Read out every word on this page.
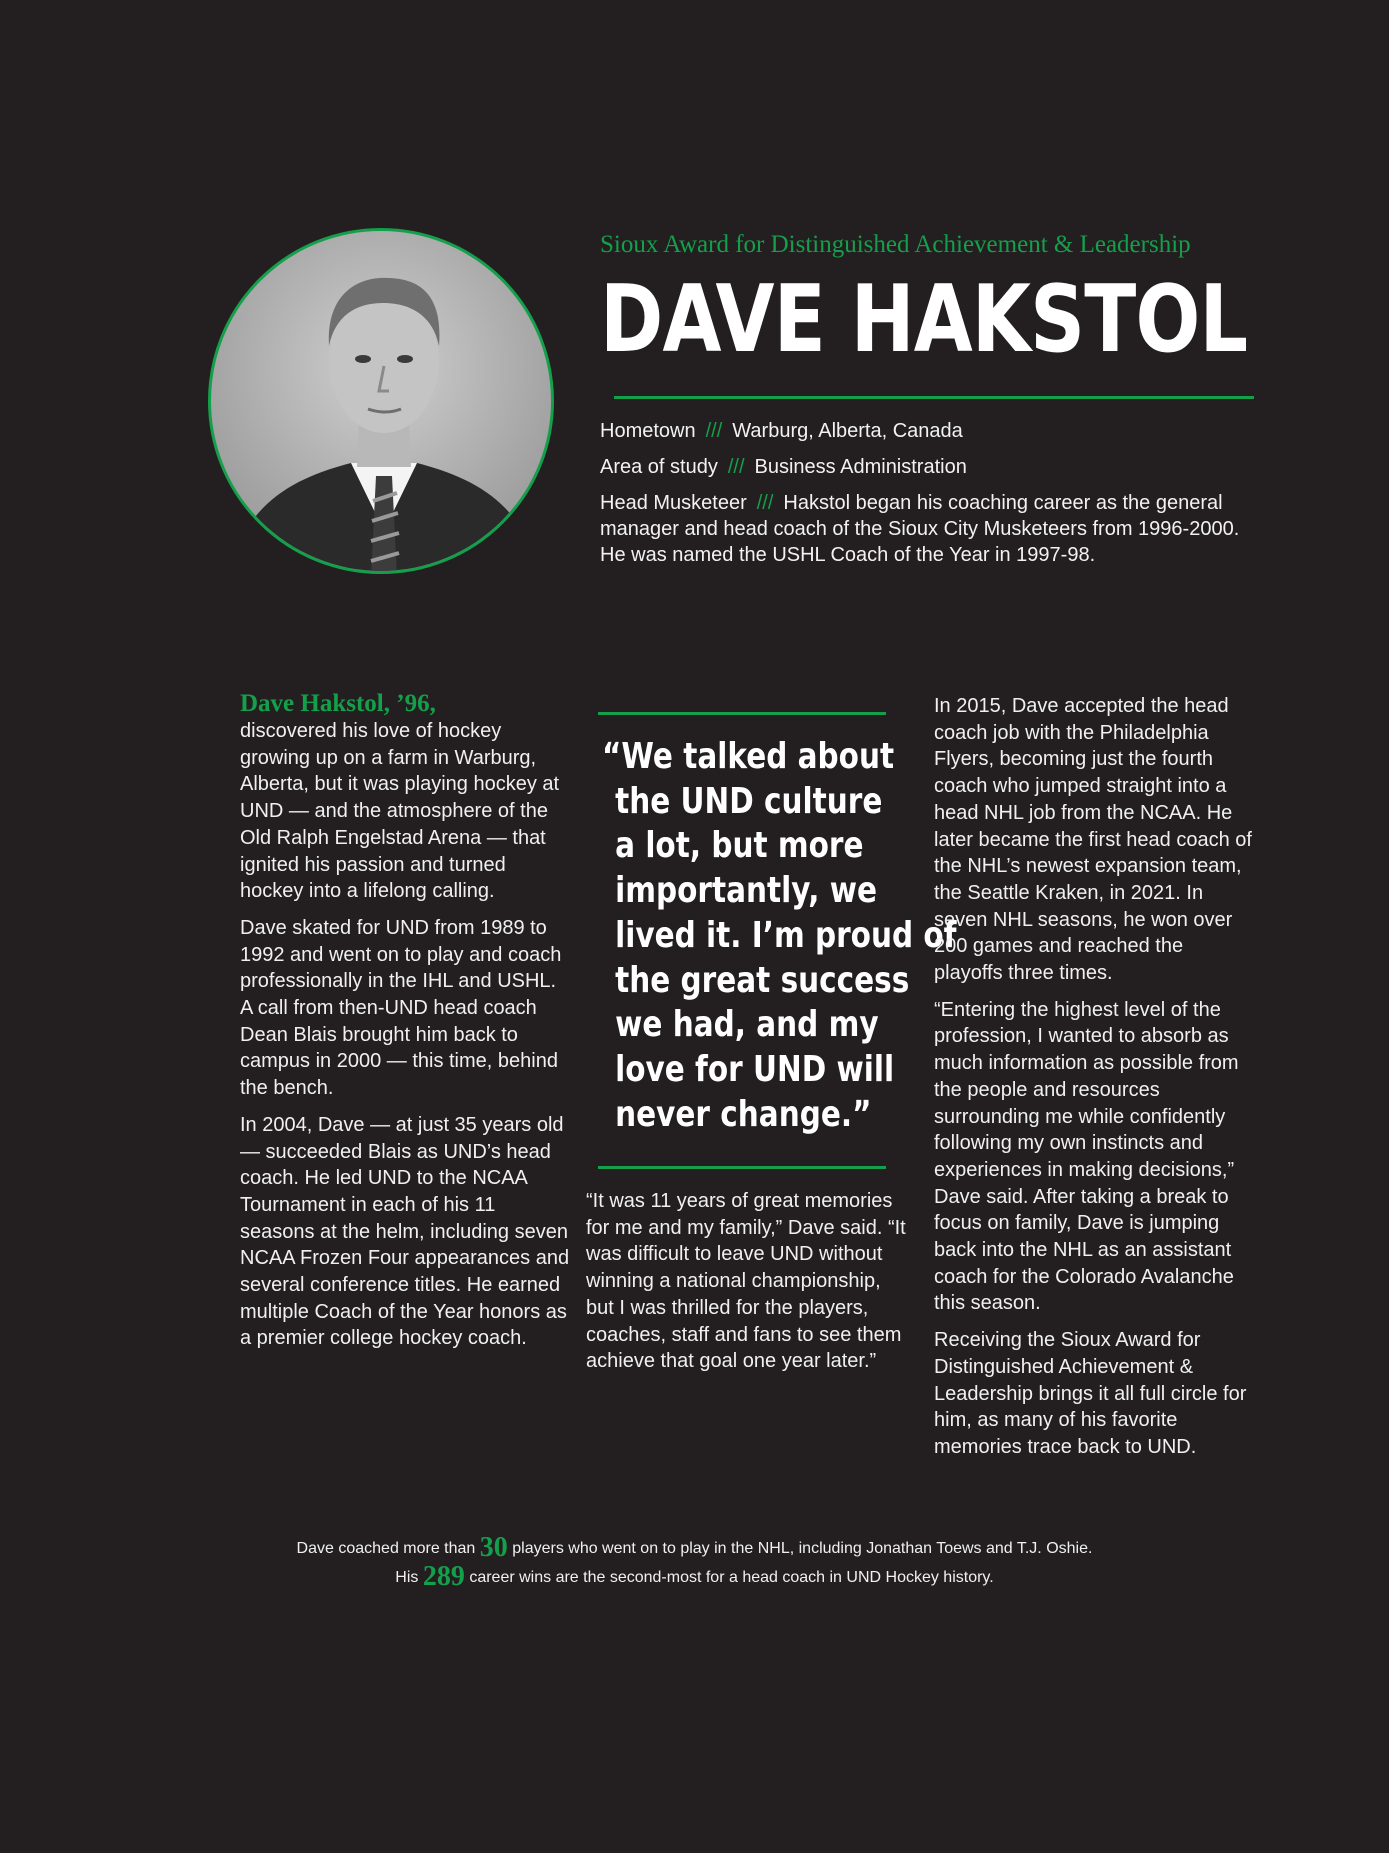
Sioux Award for Distinguished Achievement & Leadership
DAVE HAKSTOL
Hometown /// Warburg, Alberta, Canada
Area of study /// Business Administration
Head Musketeer /// Hakstol began his coaching career as the general manager and head coach of the Sioux City Musketeers from 1996-2000. He was named the USHL Coach of the Year in 1997-98.

Dave Hakstol, ’96,
discovered his love of hockey growing up on a farm in Warburg, Alberta, but it was playing hockey at UND — and the atmosphere of the Old Ralph Engelstad Arena — that ignited his passion and turned hockey into a lifelong calling.

Dave skated for UND from 1989 to 1992 and went on to play and coach professionally in the IHL and USHL. A call from then-UND head coach Dean Blais brought him back to campus in 2000 — this time, behind the bench.

In 2004, Dave — at just 35 years old — succeeded Blais as UND’s head coach. He led UND to the NCAA Tournament in each of his 11 seasons at the helm, including seven NCAA Frozen Four appearances and several conference titles. He earned multiple Coach of the Year honors as a premier college hockey coach.

“We talked about
the UND culture
a lot, but more
importantly, we
lived it. I’m proud of
the great success
we had, and my
love for UND will
never change.”

“It was 11 years of great memories for me and my family,” Dave said. “It was difficult to leave UND without winning a national championship, but I was thrilled for the players, coaches, staff and fans to see them achieve that goal one year later.”

In 2015, Dave accepted the head coach job with the Philadelphia Flyers, becoming just the fourth coach who jumped straight into a head NHL job from the NCAA. He later became the first head coach of the NHL’s newest expansion team, the Seattle Kraken, in 2021. In seven NHL seasons, he won over 200 games and reached the playoffs three times.

“Entering the highest level of the profession, I wanted to absorb as much information as possible from the people and resources surrounding me while confidently following my own instincts and experiences in making decisions,” Dave said. After taking a break to focus on family, Dave is jumping back into the NHL as an assistant coach for the Colorado Avalanche this season.

Receiving the Sioux Award for Distinguished Achievement & Leadership brings it all full circle for him, as many of his favorite memories trace back to UND.

Dave coached more than 30 players who went on to play in the NHL, including Jonathan Toews and T.J. Oshie.
His 289 career wins are the second-most for a head coach in UND Hockey history.
